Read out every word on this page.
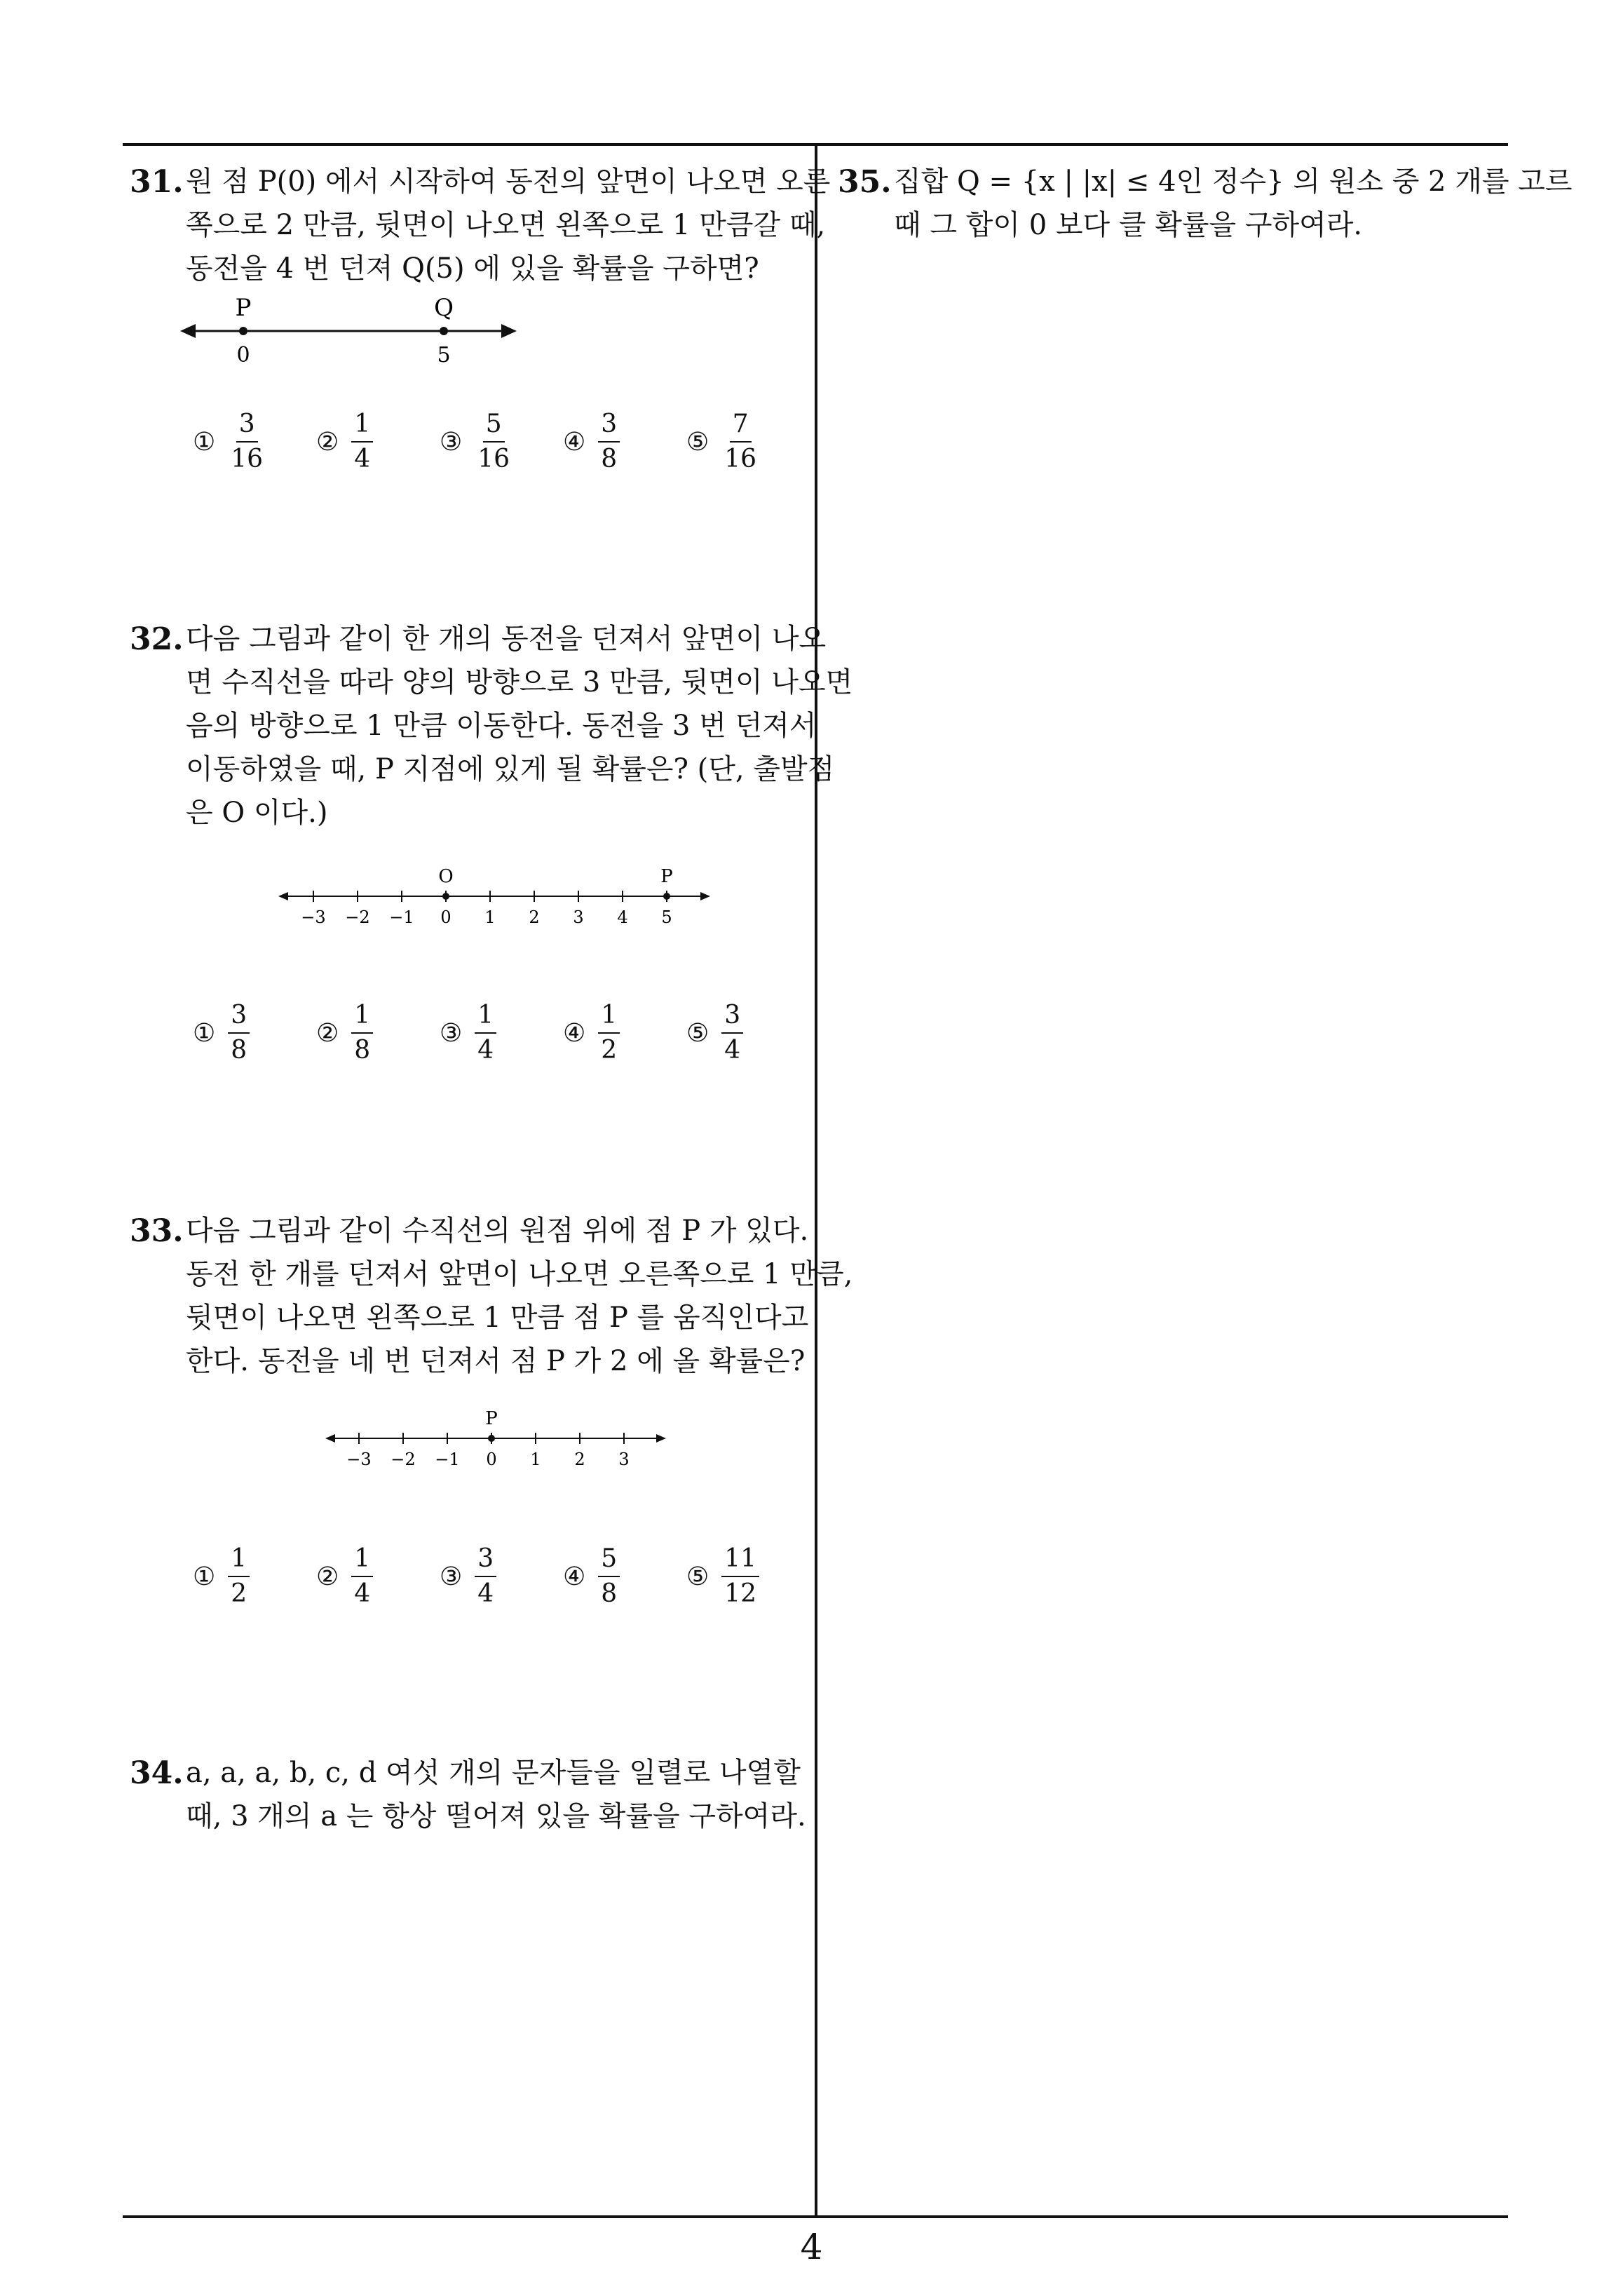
31. 원 점 P(0) 에서 시작하여 동전의 앞면이 나오면 오른
쪽으로 2 만큼, 뒷면이 나오면 왼쪽으로 1 만큼갈 때,
동전을 4 번 던져 Q(5) 에 있을 확률을 구하면?
P	Q
0	5
① $\frac{3}{16}$ ② $\frac{1}{4}$	③ $\frac{5}{16}$ ④ $\frac{3}{8}$	⑤ $\frac{7}{16}$
32. 다음 그림과 같이 한 개의 동전을 던져서 앞면이 나오
면 수직선을 따라 양의 방향으로 3 만큼, 뒷면이 나오면
음의 방향으로 1 만큼 이동한다. 동전을 3 번 던져서
이동하였을 때, P 지점에 있게 될 확률은? (단, 출발점
은 O 이다.)
O	P
−3 −2 −1 0 1 2 3 4 5
① $\frac{3}{8}$	② $\frac{1}{8}$	③ $\frac{1}{4}$	④ $\frac{1}{2}$	⑤ $\frac{3}{4}$
33. 다음 그림과 같이 수직선의 원점 위에 점 P 가 있다.
동전 한 개를 던져서 앞면이 나오면 오른쪽으로 1 만큼,
뒷면이 나오면 왼쪽으로 1 만큼 점 P 를 움직인다고
한다. 동전을 네 번 던져서 점 P 가 2 에 올 확률은?
P
−3 −2 −1 0 1 2 3
① $\frac{1}{2}$	② $\frac{1}{4}$	③ $\frac{3}{4}$	④ $\frac{5}{8}$	⑤ $\frac{11}{12}$
34. a, a, a, b, c, d 여섯 개의 문자들을 일렬로 나열할
때, 3 개의 a 는 항상 떨어져 있을 확률을 구하여라.
35. 집합 Q = {x | |x| ≤ 4인 정수} 의 원소 중 2 개를 고르
때 그 합이 0 보다 클 확률을 구하여라.
4
